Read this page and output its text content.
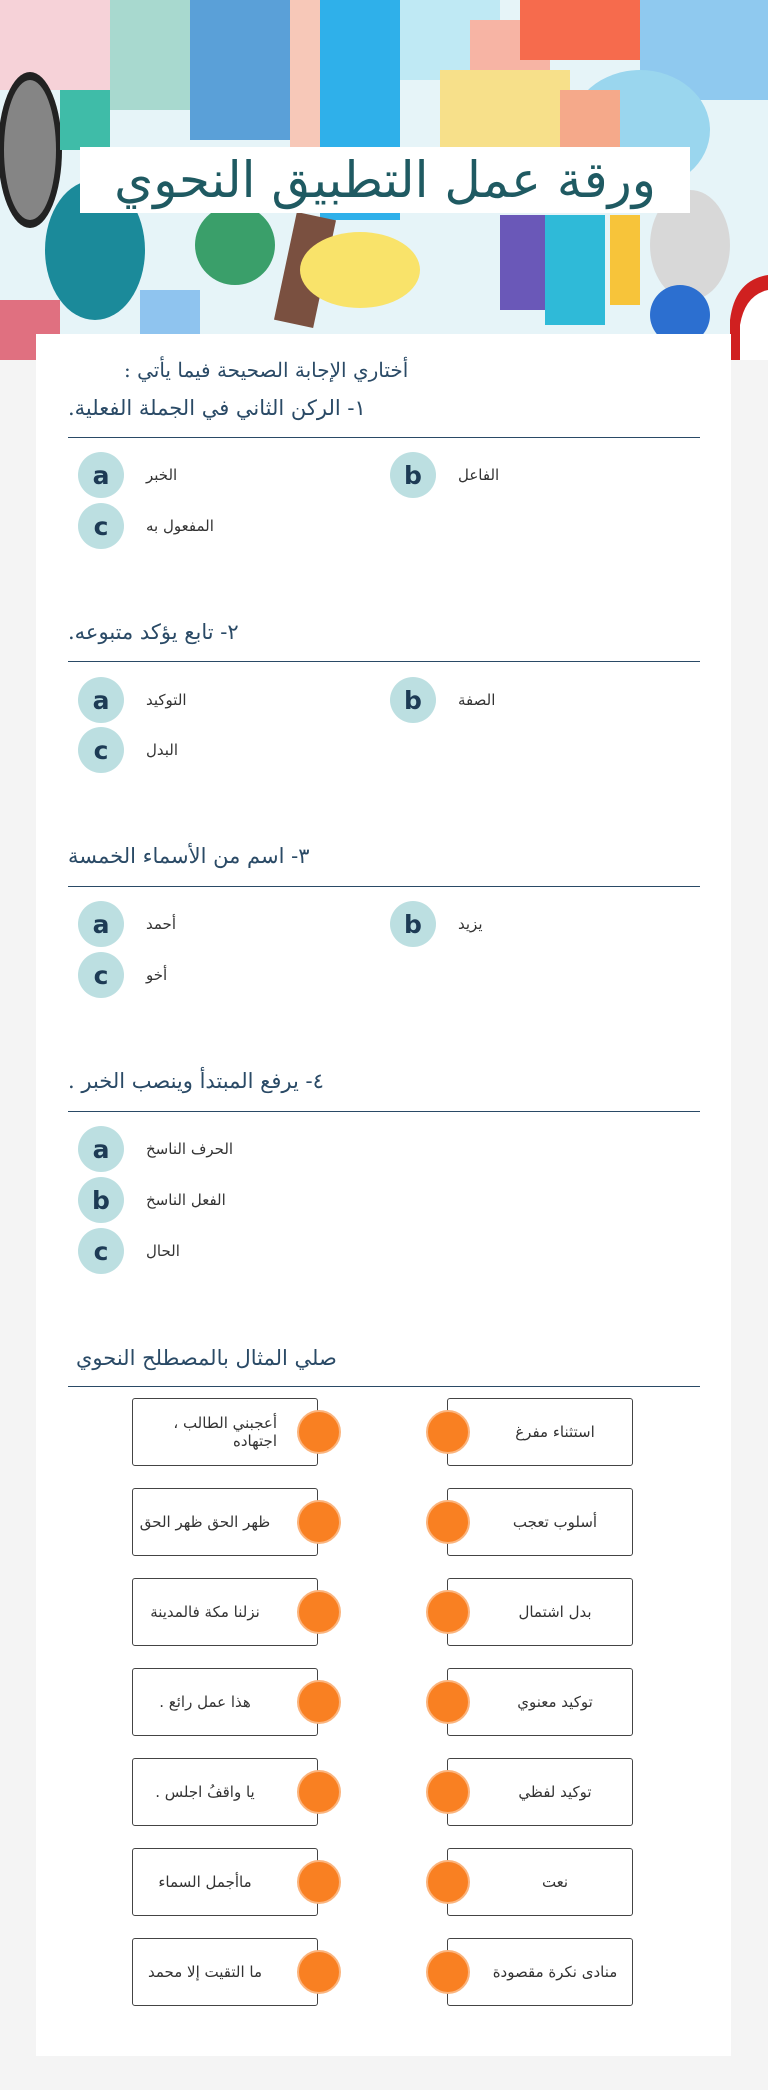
ورقة عمل التطبيق النحوي
أختاري الإجابة الصحيحة فيما يأتي :
١- الركن الثاني في الجملة الفعلية.
a	الخبر	b	الفاعل
c	المفعول به
٢- تابع يؤكد متبوعه.
a	التوكيد	b	الصفة
c	البدل
٣- اسم من الأسماء الخمسة
a	أحمد	b	يزيد
c	أخو
٤- يرفع المبتدأ وينصب الخبر .
a	الحرف الناسخ
b	الفعل الناسخ
c	الحال
صلي المثال بالمصطلح النحوي
أعجبني الطالب ، اجتهاده	استثناء مفرغ
ظهر الحق ظهر الحق	أسلوب تعجب
نزلنا مكة فالمدينة	بدل اشتمال
هذا عمل رائع .	توكيد معنوي
يا واقفُ اجلس .	توكيد لفظي
ماأجمل السماء	نعت
ما التقيت إلا محمد	منادى نكرة مقصودة
